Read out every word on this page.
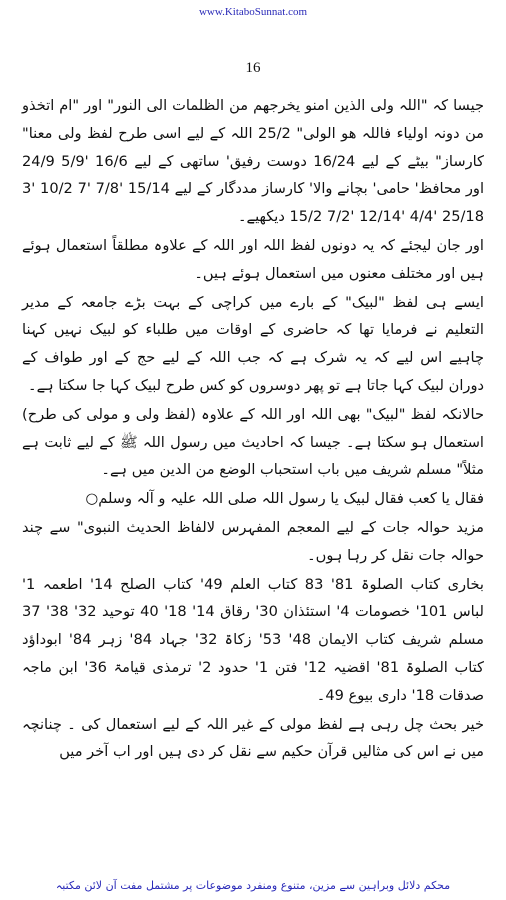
www.KitaboSunnat.com
16

جیسا کہ "اللہ ولی الذین امنو یخرجھم من الظلمات الی النور" اور "ام اتخذو من دونہ اولیاء فاللہ ھو الولی" 25/2 اللہ کے لیے اسی طرح لفظ ولی معنا" کارساز" بیٹے کے لیے 16/24 دوست رفیق' ساتھی کے لیے 16/6 '5/9 24/9 اور محافظ' حامی' بچانے والا' کارساز مددگار کے لیے 15/14 '7/8 '7 10/2 '3 25/18 '4/4 '12/14 '7/2 15/2 دیکھیے۔

اور جان لیجئے کہ یہ دونوں لفظ اللہ اور اللہ کے علاوہ مطلقاً استعمال ہوئے ہیں اور مختلف معنوں میں استعمال ہوئے ہیں۔

ایسے ہی لفظ "لبیک" کے بارے میں کراچی کے بہت بڑے جامعہ کے مدیر التعلیم نے فرمایا تھا کہ حاضری کے اوقات میں طلباء کو لبیک نہیں کہنا چاہیے اس لیے کہ یہ شرک ہے کہ جب اللہ کے لیے حج کے اور طواف کے دوران لبیک کہا جاتا ہے تو پھر دوسروں کو کس طرح لبیک کہا جا سکتا ہے۔

حالانکہ لفظ "لبیک" بھی اللہ اور اللہ کے علاوہ (لفظ ولی و مولی کی طرح) استعمال ہو سکتا ہے۔ جیسا کہ احادیث میں رسول اللہ ﷺ کے لیے ثابت ہے مثلاً" مسلم شریف میں باب استحباب الوضع من الدین میں ہے۔

فقال یا کعب فقال لبیک یا رسول اللہ صلی اللہ علیہ و آلہ وسلم○

مزید حوالہ جات کے لیے المعجم المفہرس لالفاظ الحدیث النبوی" سے چند حوالہ جات نقل کر رہا ہوں۔

بخاری کتاب الصلوۃ 81' 83 کتاب العلم 49' کتاب الصلح 14' اطعمہ 1' لباس 101' خصومات 4' استئذان 30' رقاق 14' 18' 40 توحید 32' 38' 37 مسلم شریف کتاب الایمان 48' 53' زکاۃ 32' جہاد 84' زہر 84' ابوداؤد کتاب الصلوۃ 81' اقضیہ 12' فتن 1' حدود 2' ترمذی قیامۃ 36' ابن ماجہ صدقات 18' داری بیوع 49۔

خیر بحث چل رہی ہے لفظ مولی کے غیر اللہ کے لیے استعمال کی ۔ چنانچہ میں نے اس کی مثالیں قرآن حکیم سے نقل کر دی ہیں اور اب آخر میں

محکم دلائل وبراہین سے مزین، متنوع ومنفرد موضوعات پر مشتمل مفت آن لائن مکتبہ
